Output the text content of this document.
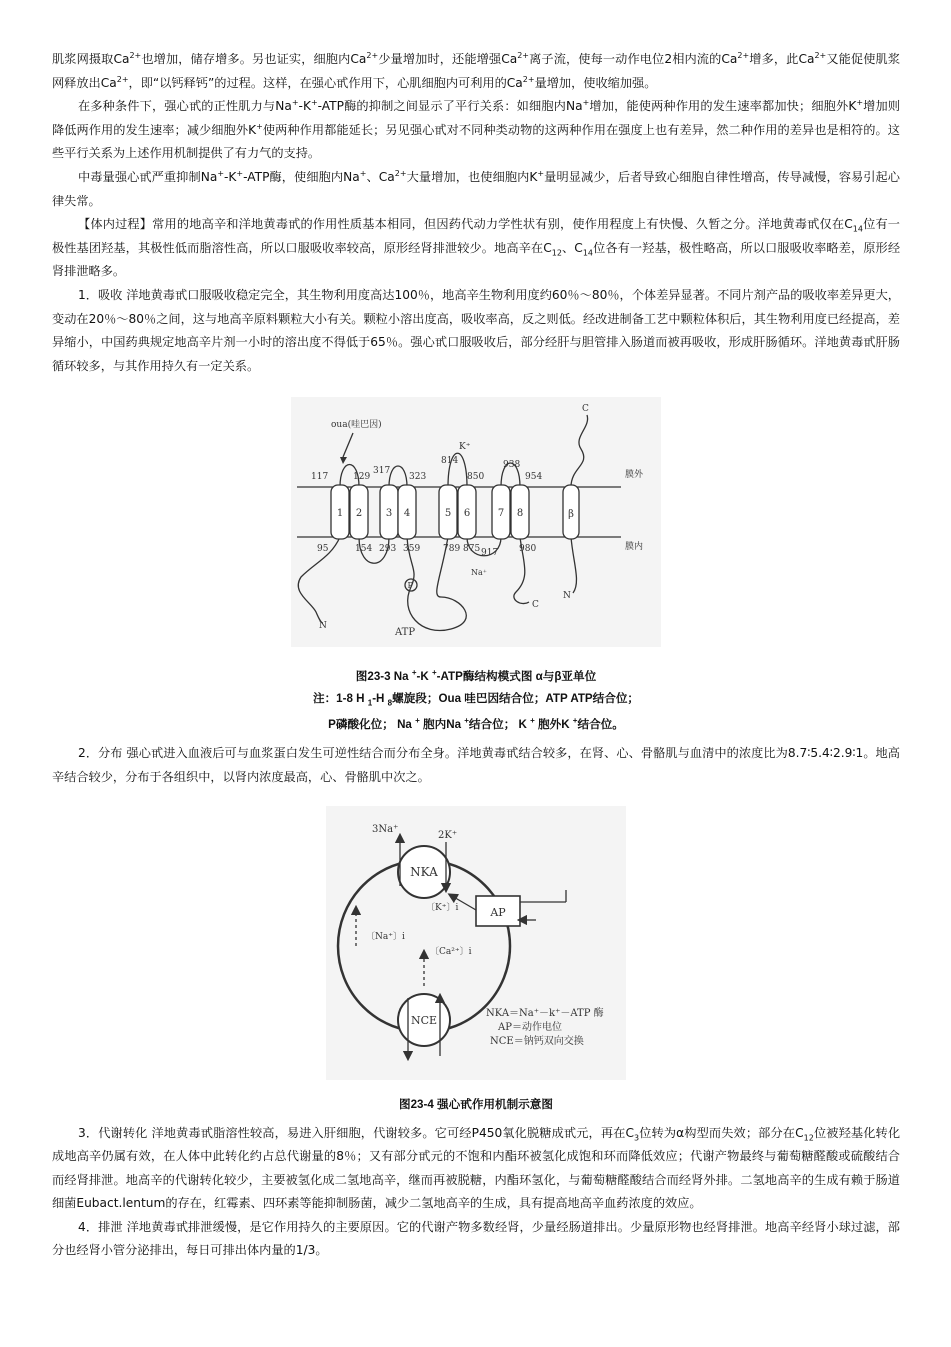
肌浆网摄取$Ca^{2+}$也增加，储存增多。另也证实，细胞内$Ca^{2+}$少量增加时，还能增强$Ca^{2+}$离子流，使每一动作电位2相内流的$Ca^{2+}$增多，此$Ca^{2+}$又能促使肌浆网释放出$Ca^{2+}$，即“以钙释钙”的过程。这样，在强心甙作用下，心肌细胞内可利用的$Ca^{2+}$量增加，使收缩加强。

在多种条件下，强心甙的正性肌力与Na+-K+-ATP酶的抑制之间显示了平行关系：如细胞内Na+增加，能使两种作用的发生速率都加快；细胞外K+增加则降低两作用的发生速率；减少细胞外K+使两种作用都能延长；另见强心甙对不同种类动物的这两种作用在强度上也有差异，然二种作用的差异也是相符的。这些平行关系为上述作用机制提供了有力气的支持。

中毒量强心甙严重抑制Na+-K+-ATP酶，使细胞内Na+、$Ca^{2+}$大量增加，也使细胞内K+量明显减少，后者导致心细胞自律性增高，传导减慢，容易引起心律失常。

【体内过程】常用的地高辛和洋地黄毒甙的作用性质基本相同，但因药代动力学性状有别，使作用程度上有快慢、久暂之分。洋地黄毒甙仅在$C_{14}$位有一极性基团羟基，其极性低而脂溶性高，所以口服吸收率较高，原形经肾排泄较少。地高辛在$C_{12}$、$C_{14}$位各有一羟基，极性略高，所以口服吸收率略差，原形经肾排泄略多。

1．吸收 洋地黄毒甙口服吸收稳定完全，其生物利用度高达100％，地高辛生物利用度约60％～80％，个体差异显著。不同片剂产品的吸收率差异更大，变动在20％～80％之间，这与地高辛原料颗粒大小有关。颗粒小溶出度高，吸收率高，反之则低。经改进制备工艺中颗粒体积后，其生物利用度已经提高，差异缩小，中国药典规定地高辛片剂一小时的溶出度不得低于65％。强心甙口服吸收后，部分经肝与胆管排入肠道而被再吸收，形成肝肠循环。洋地黄毒甙肝肠循环较多，与其作用持久有一定关系。

1 2 3 4	5 6	7 8	β
117	129
317
323
814
850
938
954
95	154 293 359	789 875 917 980
oua(哇巴因)
K⁺
Na⁺
膜外
膜内
ATP
P
N
C
C
N
图23-3 Na +-K +-ATP酶结构模式图 α与β亚单位
注：1-8 H $_1$-H $_8$螺旋段；Oua 哇巴因结合位；ATP ATP结合位；
P磷酸化位； Na + 胞内Na +结合位； K + 胞外K +结合位。

2．分布 强心甙进入血液后可与血浆蛋白发生可逆性结合而分布全身。洋地黄毒甙结合较多，在肾、心、骨骼肌与血清中的浓度比为8.7∶5.4∶2.9∶1。地高辛结合较少，分布于各组织中，以肾内浓度最高，心、骨骼肌中次之。

NKA
NCE
3Na⁺
2K⁺
AP
〔K⁺〕i
〔Na⁺〕i
〔Ca²⁺〕i
NKA＝Na⁺－k⁺－ATP 酶
AP＝动作电位
NCE＝钠钙双向交换
图23-4 强心甙作用机制示意图

3．代谢转化 洋地黄毒甙脂溶性较高，易进入肝细胞，代谢较多。它可经P450氧化脱糖成甙元，再在$C_3$位转为α构型而失效；部分在$C_{12}$位被羟基化转化成地高辛仍属有效，在人体中此转化约占总代谢量的8％；又有部分甙元的不饱和内酯环被氢化成饱和环而降低效应；代谢产物最终与葡萄糖醛酸或硫酸结合而经肾排泄。地高辛的代谢转化较少，主要被氢化成二氢地高辛，继而再被脱糖，内酯环氢化，与葡萄糖醛酸结合而经肾外排。二氢地高辛的生成有赖于肠道细菌Eubact.lentum的存在，红霉素、四环素等能抑制肠菌，减少二氢地高辛的生成，具有提高地高辛血药浓度的效应。

4．排泄 洋地黄毒甙排泄缓慢，是它作用持久的主要原因。它的代谢产物多数经肾，少量经肠道排出。少量原形物也经肾排泄。地高辛经肾小球过滤，部分也经肾小管分泌排出，每日可排出体内量的1/3。
